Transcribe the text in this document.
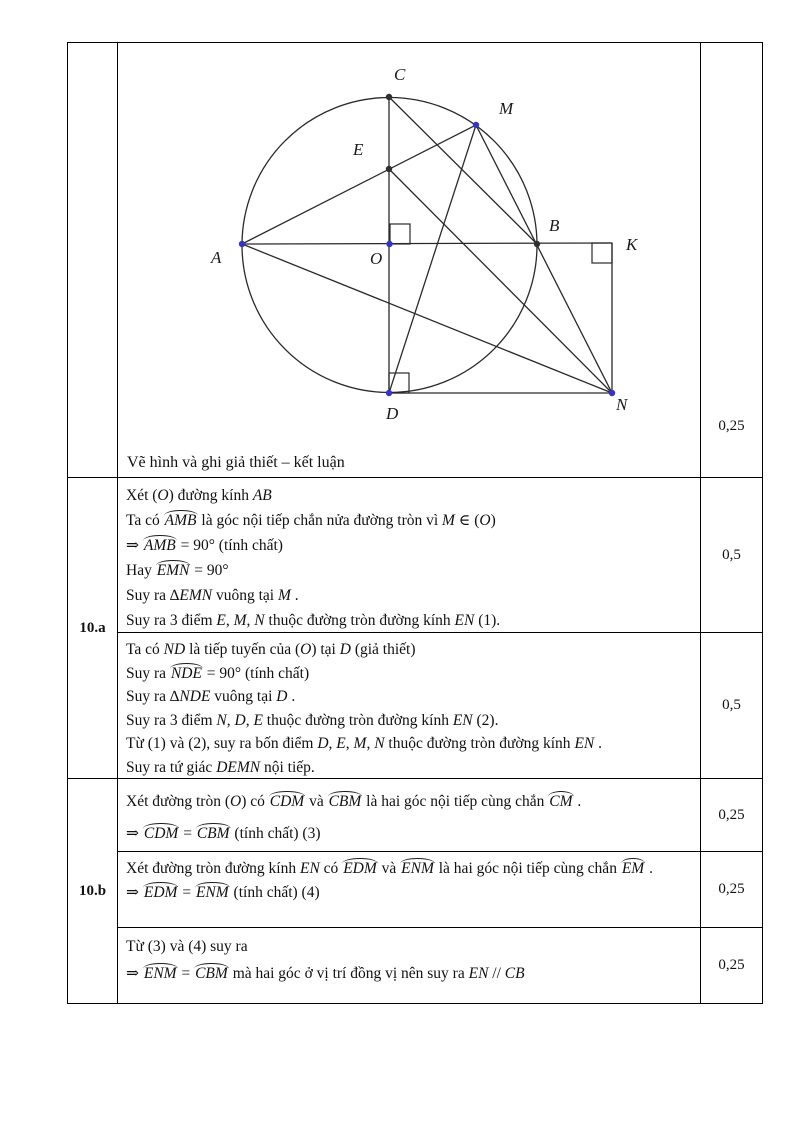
10.a
10.b
Vẽ hình và ghi giả thiết – kết luận
A
B
C
D
E
M
N
O
K
Xét (O) đường kính AB
Ta có AMB là góc nội tiếp chắn nửa đường tròn vì M ∈ (O)
⇒ AMB = 90° (tính chất)
Hay EMN = 90°
Suy ra ∆EMN vuông tại M .
Suy ra 3 điểm E, M, N thuộc đường tròn đường kính EN (1).
Ta có ND là tiếp tuyến của (O) tại D (giả thiết)
Suy ra NDE = 90° (tính chất)
Suy ra ∆NDE vuông tại D .
Suy ra 3 điểm N, D, E thuộc đường tròn đường kính EN (2).
Từ (1) và (2), suy ra bốn điểm D, E, M, N thuộc đường tròn đường kính EN .
Suy ra tứ giác DEMN nội tiếp.
Xét đường tròn (O) có CDM và CBM là hai góc nội tiếp cùng chắn CM .
⇒ CDM = CBM (tính chất) (3)
Xét đường tròn đường kính EN có EDM và ENM là hai góc nội tiếp cùng chắn EM .
⇒ EDM = ENM (tính chất) (4)
Từ (3) và (4) suy ra
⇒ ENM = CBM mà hai góc ở vị trí đồng vị nên suy ra EN // CB
0,25
0,5
0,5
0,25
0,25
0,25
